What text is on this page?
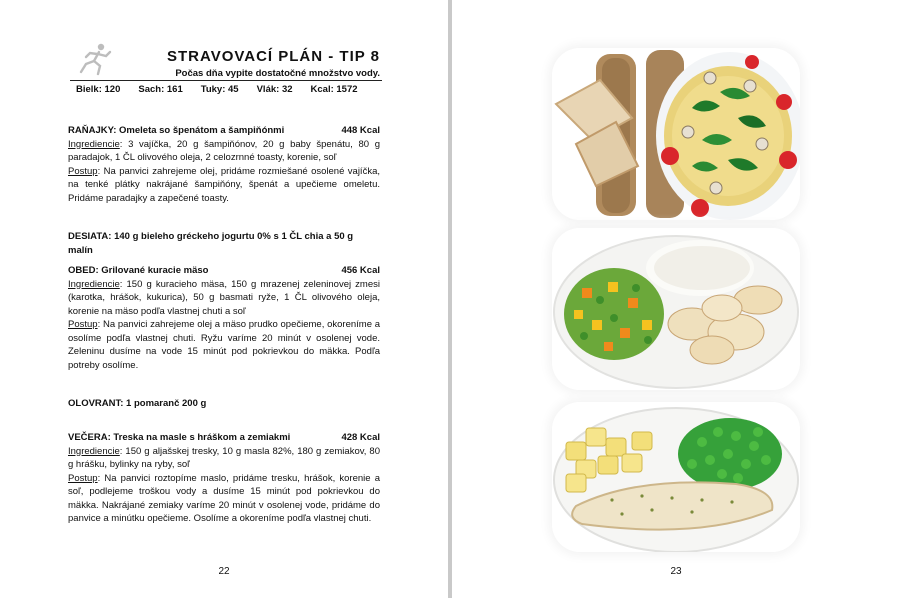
STRAVOVACÍ PLÁN - TIP 8
Počas dňa vypite dostatočné množstvo vody.
Bielk: 120 Sach: 161 Tuky: 45 Vlák: 32 Kcal: 1572
RAŇAJKY: Omeleta so špenátom a šampiňónmi	448 Kcal

Ingrediencie: 3 vajíčka, 20 g šampiňónov, 20 g baby špenátu, 80 g paradajok, 1 ČL olivového oleja, 2 celozrnné toasty, korenie, soľ

Postup: Na panvici zahrejeme olej, pridáme rozmiešané osolené vajíčka, na tenké plátky nakrájané šampiňóny, špenát a upečieme omeletu. Pridáme paradajky a zapečené toasty.

DESIATA: 140 g bieleho gréckeho jogurtu 0% s 1 ČL chia a 50 g malín
OBED: Grilované kuracie mäso	456 Kcal

Ingrediencie: 150 g kuracieho mäsa, 150 g mrazenej zeleninovej zmesi (karotka, hrášok, kukurica), 50 g basmati ryže, 1 ČL olivového oleja, korenie na mäso podľa vlastnej chuti a soľ

Postup: Na panvici zahrejeme olej a mäso prudko opečieme, okoreníme a osolíme podľa vlastnej chuti. Ryžu varíme 20 minút v osolenej vode. Zeleninu dusíme na vode 15 minút pod pokrievkou do mäkka. Podľa potreby osolíme.

OLOVRANT: 1 pomaranč 200 g
VEČERA: Treska na masle s hráškom a zemiakmi	428 Kcal

Ingrediencie: 150 g aljašskej tresky, 10 g masla 82%, 180 g zemiakov, 80 g hrášku, bylinky na ryby, soľ

Postup: Na panvici roztopíme maslo, pridáme tresku, hrášok, korenie a soľ, podlejeme troškou vody a dusíme 15 minút pod pokrievkou do mäkka. Nakrájané zemiaky varíme 20 minút v osolenej vode, pridáme do panvice a minútku opečieme. Osolíme a okoreníme podľa vlastnej chuti.

22	23
